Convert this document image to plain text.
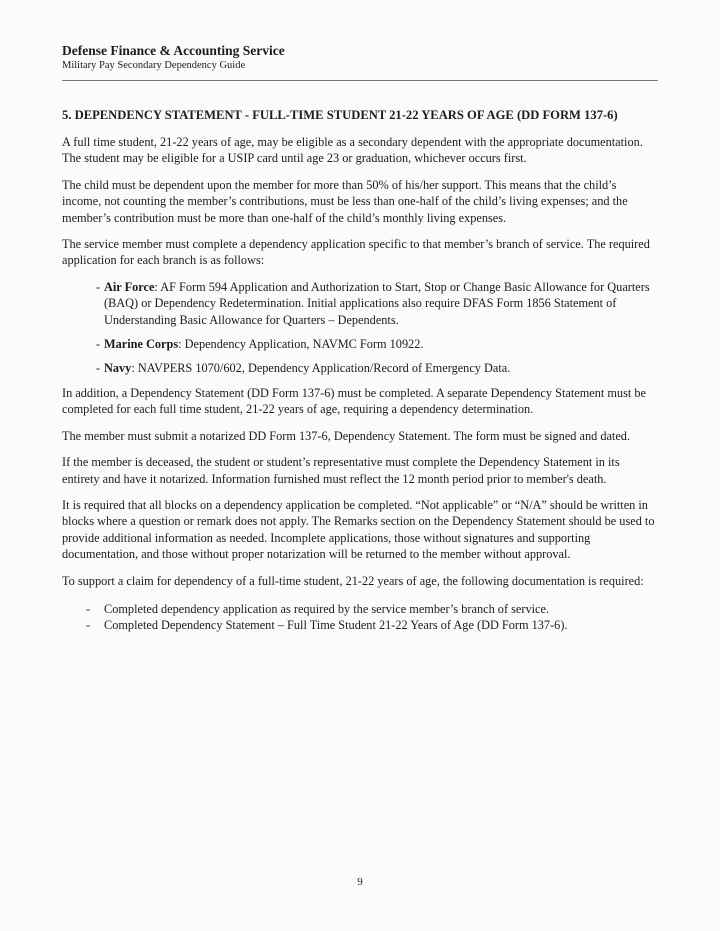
Defense Finance & Accounting Service
Military Pay Secondary Dependency Guide
5. DEPENDENCY STATEMENT - FULL-TIME STUDENT 21-22 YEARS OF AGE (DD FORM 137-6)

A full time student, 21-22 years of age, may be eligible as a secondary dependent with the appropriate documentation. The student may be eligible for a USIP card until age 23 or graduation, whichever occurs first.

The child must be dependent upon the member for more than 50% of his/her support. This means that the child’s income, not counting the member’s contributions, must be less than one-half of the child’s living expenses; and the member’s contribution must be more than one-half of the child’s monthly living expenses.

The service member must complete a dependency application specific to that member’s branch of service. The required application for each branch is as follows:

- Air Force: AF Form 594 Application and Authorization to Start, Stop or Change Basic Allowance for Quarters (BAQ) or Dependency Redetermination. Initial applications also require DFAS Form 1856 Statement of Understanding Basic Allowance for Quarters – Dependents.
- Marine Corps: Dependency Application, NAVMC Form 10922.
- Navy: NAVPERS 1070/602, Dependency Application/Record of Emergency Data.

In addition, a Dependency Statement (DD Form 137-6) must be completed. A separate Dependency Statement must be completed for each full time student, 21-22 years of age, requiring a dependency determination.

The member must submit a notarized DD Form 137-6, Dependency Statement. The form must be signed and dated.

If the member is deceased, the student or student’s representative must complete the Dependency Statement in its entirety and have it notarized. Information furnished must reflect the 12 month period prior to member's death.

It is required that all blocks on a dependency application be completed. “Not applicable” or “N/A” should be written in blocks where a question or remark does not apply. The Remarks section on the Dependency Statement should be used to provide additional information as needed. Incomplete applications, those without signatures and supporting documentation, and those without proper notarization will be returned to the member without approval.

To support a claim for dependency of a full-time student, 21-22 years of age, the following documentation is required:

- Completed dependency application as required by the service member’s branch of service.
- Completed Dependency Statement – Full Time Student 21-22 Years of Age (DD Form 137-6).
9
